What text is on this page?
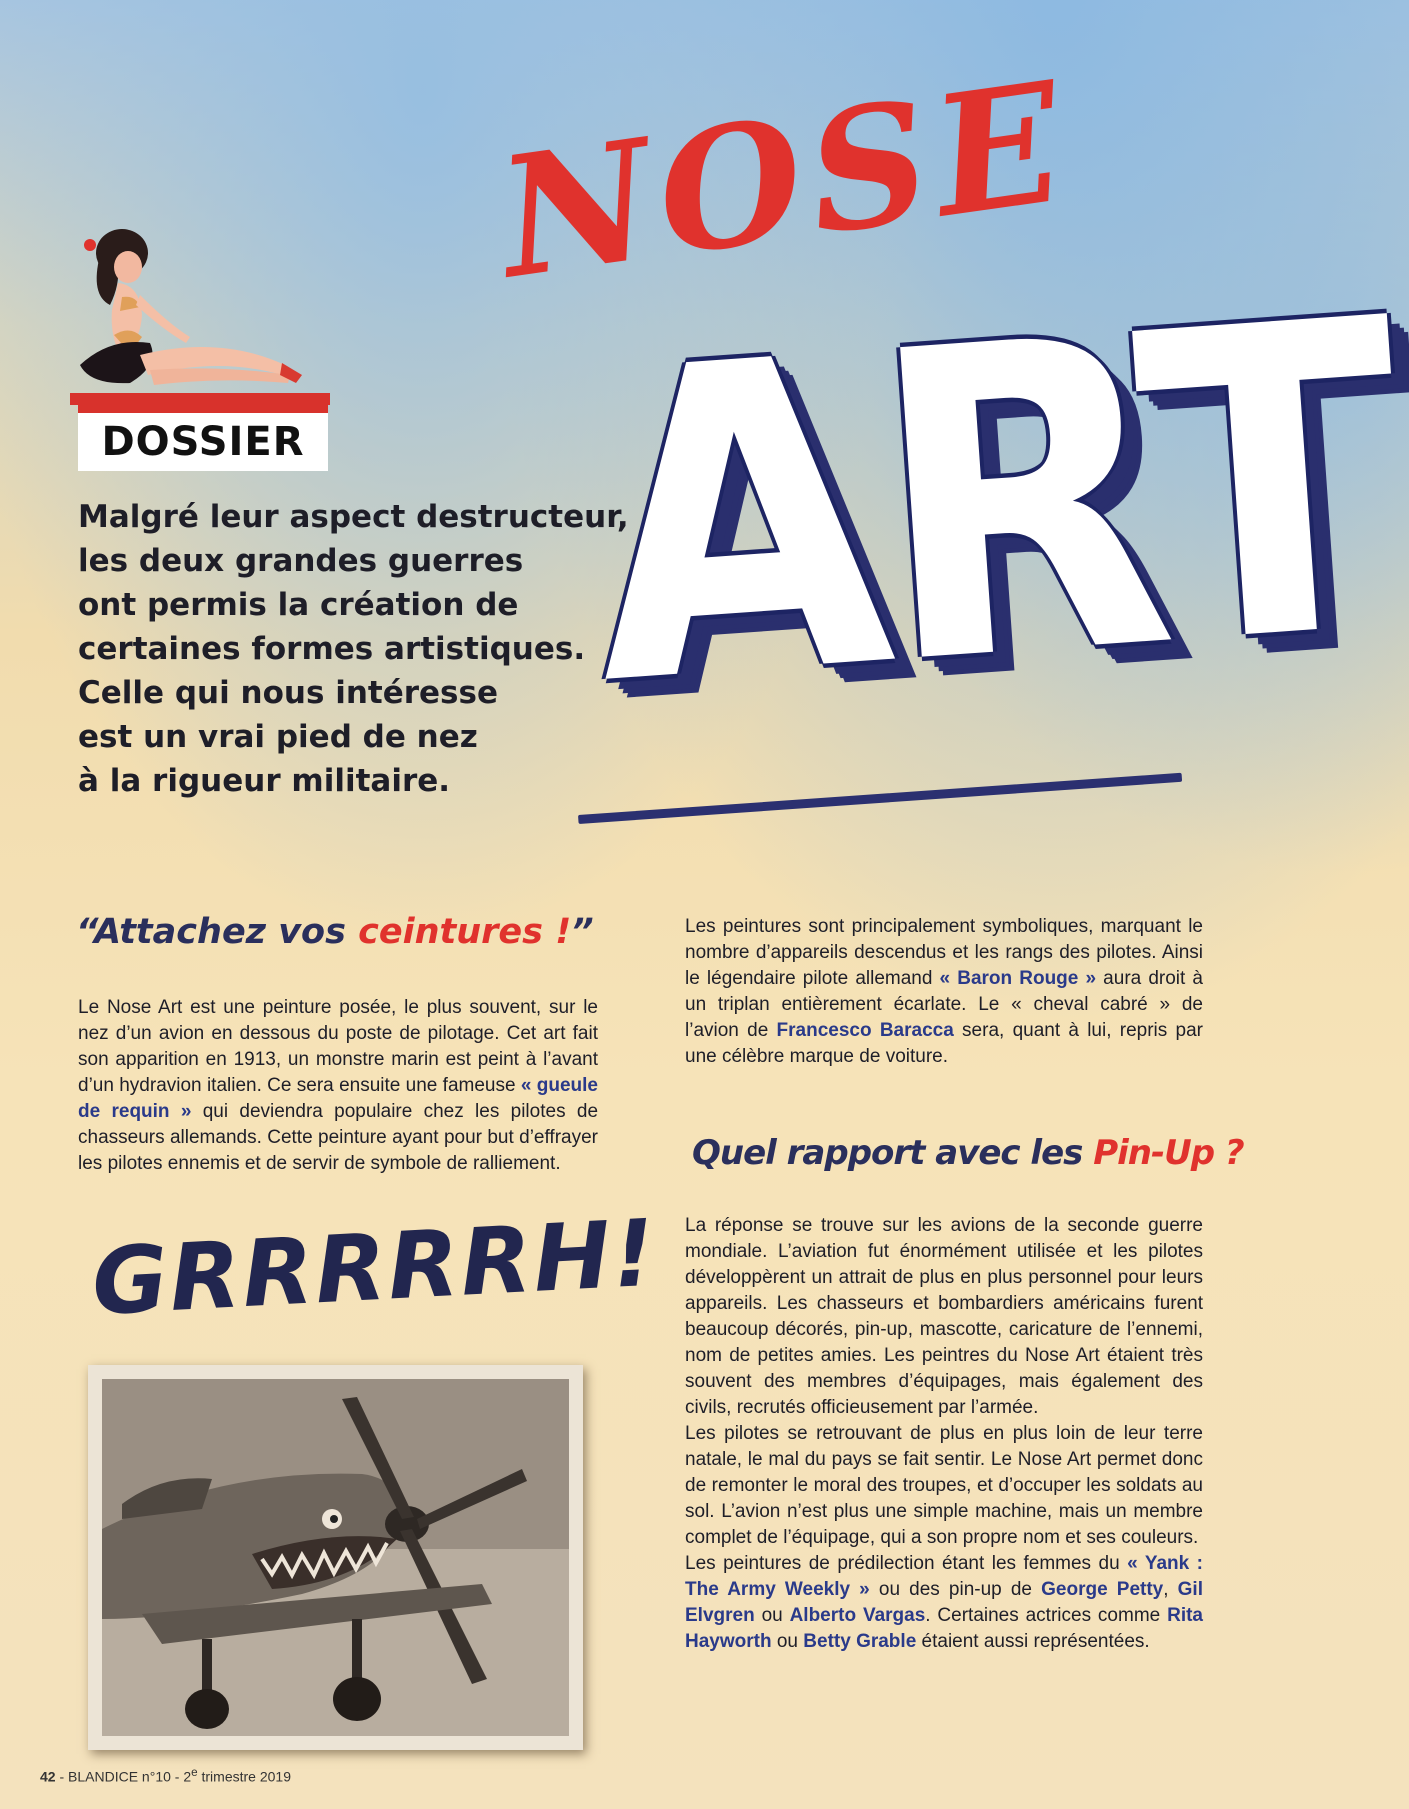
DOSSIER
NOSE
ART

Malgré leur aspect destructeur,
les deux grandes guerres
ont permis la création de
certaines formes artistiques.
Celle qui nous intéresse
est un vrai pied de nez
à la rigueur militaire.

“Attachez vos ceintures !”

Le Nose Art est une peinture posée, le plus souvent, sur le nez d’un avion en dessous du poste de pilotage. Cet art fait son apparition en 1913, un monstre marin est peint à l’avant d’un hydravion italien. Ce sera ensuite une fameuse « gueule de requin » qui deviendra populaire chez les pilotes de chasseurs allemands. Cette peinture ayant pour but d’effrayer les pilotes ennemis et de servir de symbole de ralliement.

GRRRRRH!

Les peintures sont principalement symboliques, marquant le nombre d’appareils descendus et les rangs des pilotes. Ainsi le légendaire pilote allemand « Baron Rouge » aura droit à un triplan entièrement écarlate. Le « cheval cabré » de l’avion de Francesco Baracca sera, quant à lui, repris par une célèbre marque de voiture.

Quel rapport avec les Pin-Up ?

La réponse se trouve sur les avions de la seconde guerre mondiale. L’aviation fut énormément utilisée et les pilotes développèrent un attrait de plus en plus personnel pour leurs appareils. Les chasseurs et bombardiers américains furent beaucoup décorés, pin-up, mascotte, caricature de l’ennemi, nom de petites amies. Les peintres du Nose Art étaient très souvent des membres d’équipages, mais également des civils, recrutés officieusement par l’armée.

Les pilotes se retrouvant de plus en plus loin de leur terre natale, le mal du pays se fait sentir. Le Nose Art permet donc de remonter le moral des troupes, et d’occuper les soldats au sol. L’avion n’est plus une simple machine, mais un membre complet de l’équipage, qui a son propre nom et ses couleurs.

Les peintures de prédilection étant les femmes du « Yank : The Army Weekly » ou des pin-up de George Petty, Gil Elvgren ou Alberto Vargas. Certaines actrices comme Rita Hayworth ou Betty Grable étaient aussi représentées.

42 - BLANDICE n°10 - 2e trimestre 2019
